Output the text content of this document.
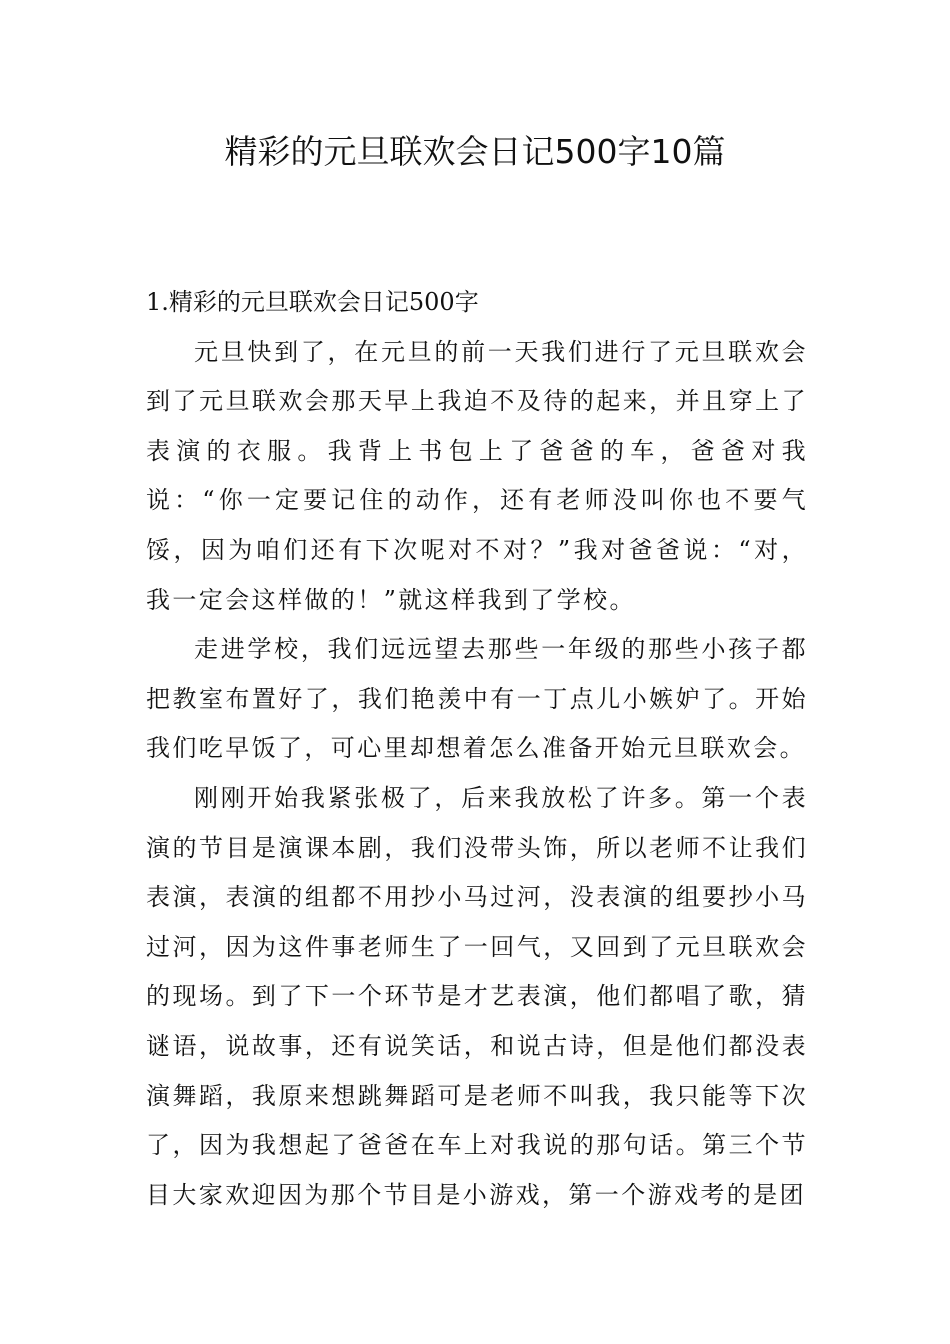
精彩的元旦联欢会日记500字10篇
1.精彩的元旦联欢会日记500字

元旦快到了，在元旦的前一天我们进行了元旦联欢会到了元旦联欢会那天早上我迫不及待的起来，并且穿上了表演的衣服。我背上书包上了爸爸的车，爸爸对我说：“你一定要记住的动作，还有老师没叫你也不要气馁，因为咱们还有下次呢对不对？”我对爸爸说：“对，我一定会这样做的！”就这样我到了学校。

走进学校，我们远远望去那些一年级的那些小孩子都把教室布置好了，我们艳羡中有一丁点儿小嫉妒了。开始我们吃早饭了，可心里却想着怎么准备开始元旦联欢会。

刚刚开始我紧张极了，后来我放松了许多。第一个表演的节目是演课本剧，我们没带头饰，所以老师不让我们表演，表演的组都不用抄小马过河，没表演的组要抄小马过河，因为这件事老师生了一回气，又回到了元旦联欢会的现场。到了下一个环节是才艺表演，他们都唱了歌，猜谜语，说故事，还有说笑话，和说古诗，但是他们都没表演舞蹈，我原来想跳舞蹈可是老师不叫我，我只能等下次了，因为我想起了爸爸在车上对我说的那句话。第三个节目大家欢迎因为那个节目是小游戏，第一个游戏考的是团
